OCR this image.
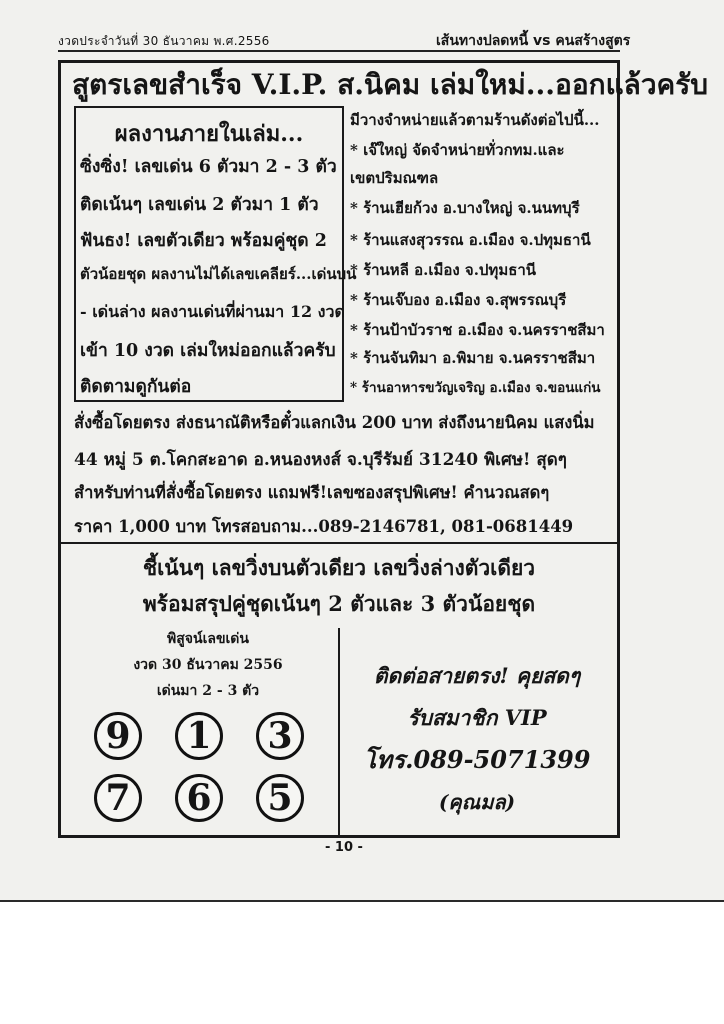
งวดประจำวันที่ 30 ธันวาคม พ.ศ.2556	เส้นทางปลดหนี้ vs คนสร้างสูตร
สูตรเลขสำเร็จ V.I.P. ส.นิคม เล่มใหม่...ออกแล้วครับ
ผลงานภายในเล่ม...
ซิ่งซิ่ง! เลขเด่น 6 ตัวมา 2 - 3 ตัว
ติดเน้นๆ เลขเด่น 2 ตัวมา 1 ตัว
ฟันธง! เลขตัวเดียว พร้อมคู่ชุด 2
ตัวน้อยชุด ผลงานไม่ได้เลขเคลียร์...เด่นบน
- เด่นล่าง ผลงานเด่นที่ผ่านมา 12 งวด
เข้า 10 งวด เล่มใหม่ออกแล้วครับ
ติดตามดูกันต่อ
มีวางจำหน่ายแล้วตามร้านดังต่อไปนี้...
* เจ๊ใหญ่ จัดจำหน่ายทั่วกทม.และ
เขตปริมณฑล
* ร้านเฮียก้วง อ.บางใหญ่ จ.นนทบุรี
* ร้านแสงสุวรรณ อ.เมือง จ.ปทุมธานี
* ร้านหลี อ.เมือง จ.ปทุมธานี
* ร้านเจ๊บอง อ.เมือง จ.สุพรรณบุรี
* ร้านป้าบัวราช อ.เมือง จ.นครราชสีมา
* ร้านจันทิมา อ.พิมาย จ.นครราชสีมา
* ร้านอาหารขวัญเจริญ อ.เมือง จ.ขอนแก่น
สั่งซื้อโดยตรง ส่งธนาณัติหรือตั๋วแลกเงิน 200 บาท ส่งถึงนายนิคม แสงนิ่ม
44 หมู่ 5 ต.โคกสะอาด อ.หนองหงส์ จ.บุรีรัมย์ 31240 พิเศษ! สุดๆ
สำหรับท่านที่สั่งซื้อโดยตรง แถมฟรี!เลขซองสรุปพิเศษ! คำนวณสดๆ
ราคา 1,000 บาท โทรสอบถาม...089-2146781, 081-0681449
ชี้เน้นๆ เลขวิ่งบนตัวเดียว เลขวิ่งล่างตัวเดียว
พร้อมสรุปคู่ชุดเน้นๆ 2 ตัวและ 3 ตัวน้อยชุด
พิสูจน์เลขเด่น
งวด 30 ธันวาคม 2556
เด่นมา 2 - 3 ตัว
9	1	3
7	6	5
ติดต่อสายตรง! คุยสดๆ
รับสมาชิก VIP
โทร.089-5071399
(คุณมล)
- 10 -
